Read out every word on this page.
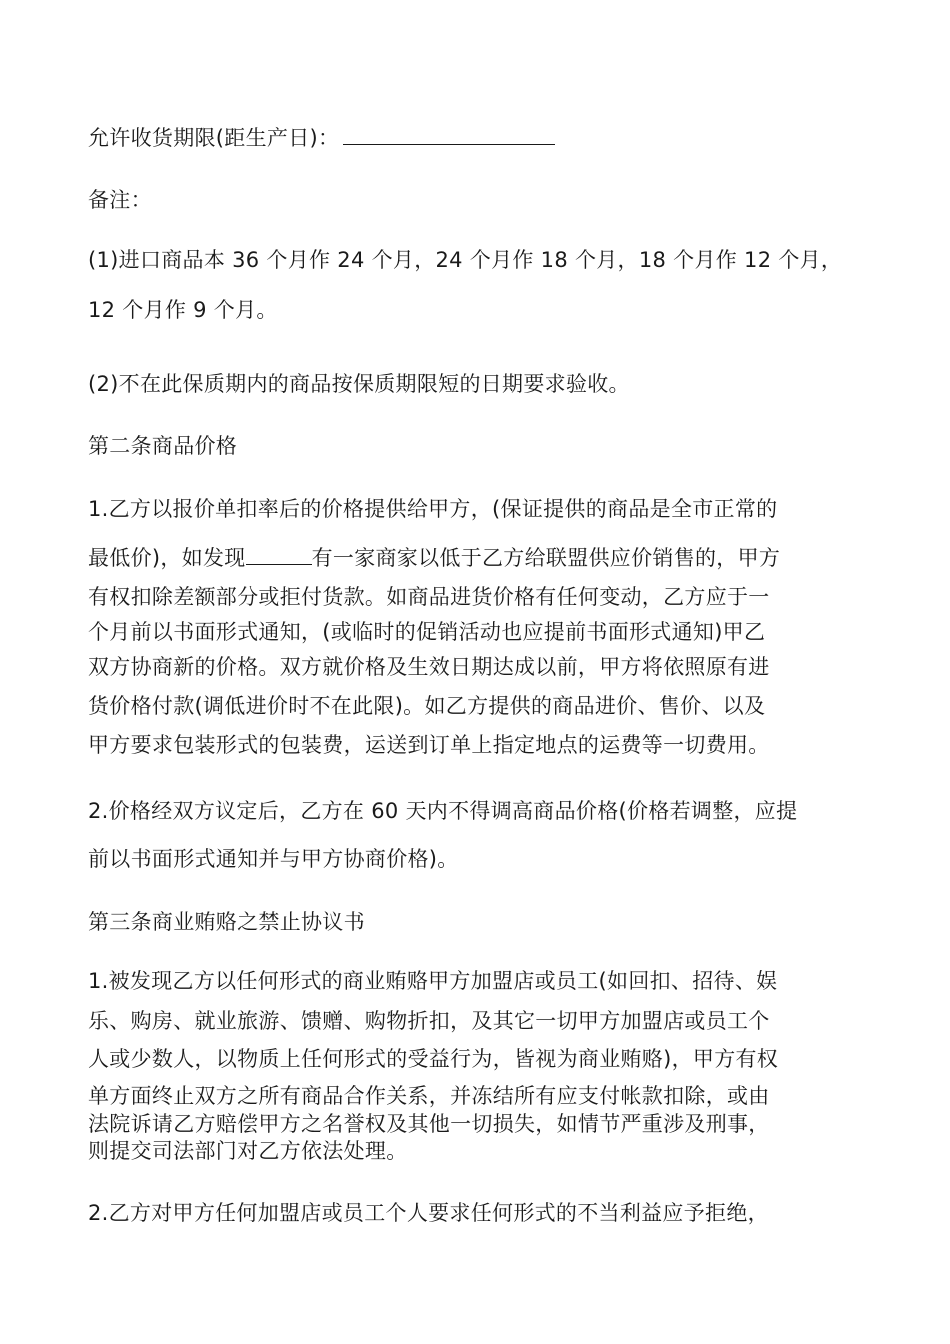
允许收货期限(距生产日)：
备注：
(1)进口商品本 36 个月作 24 个月，24 个月作 18 个月，18 个月作 12 个月，
12 个月作 9 个月。
(2)不在此保质期内的商品按保质期限短的日期要求验收。
第二条商品价格
1.乙方以报价单扣率后的价格提供给甲方，(保证提供的商品是全市正常的
最低价)，如发现	有一家商家以低于乙方给联盟供应价销售的，甲方
有权扣除差额部分或拒付货款。如商品进货价格有任何变动，乙方应于一
个月前以书面形式通知，(或临时的促销活动也应提前书面形式通知)甲乙
双方协商新的价格。双方就价格及生效日期达成以前，甲方将依照原有进
货价格付款(调低进价时不在此限)。如乙方提供的商品进价、售价、以及
甲方要求包装形式的包装费，运送到订单上指定地点的运费等一切费用。
2.价格经双方议定后，乙方在 60 天内不得调高商品价格(价格若调整，应提
前以书面形式通知并与甲方协商价格)。
第三条商业贿赂之禁止协议书
1.被发现乙方以任何形式的商业贿赂甲方加盟店或员工(如回扣、招待、娱
乐、购房、就业旅游、馈赠、购物折扣，及其它一切甲方加盟店或员工个
人或少数人，以物质上任何形式的受益行为，皆视为商业贿赂)，甲方有权
单方面终止双方之所有商品合作关系，并冻结所有应支付帐款扣除，或由
法院诉请乙方赔偿甲方之名誉权及其他一切损失，如情节严重涉及刑事，
则提交司法部门对乙方依法处理。
2.乙方对甲方任何加盟店或员工个人要求任何形式的不当利益应予拒绝，
